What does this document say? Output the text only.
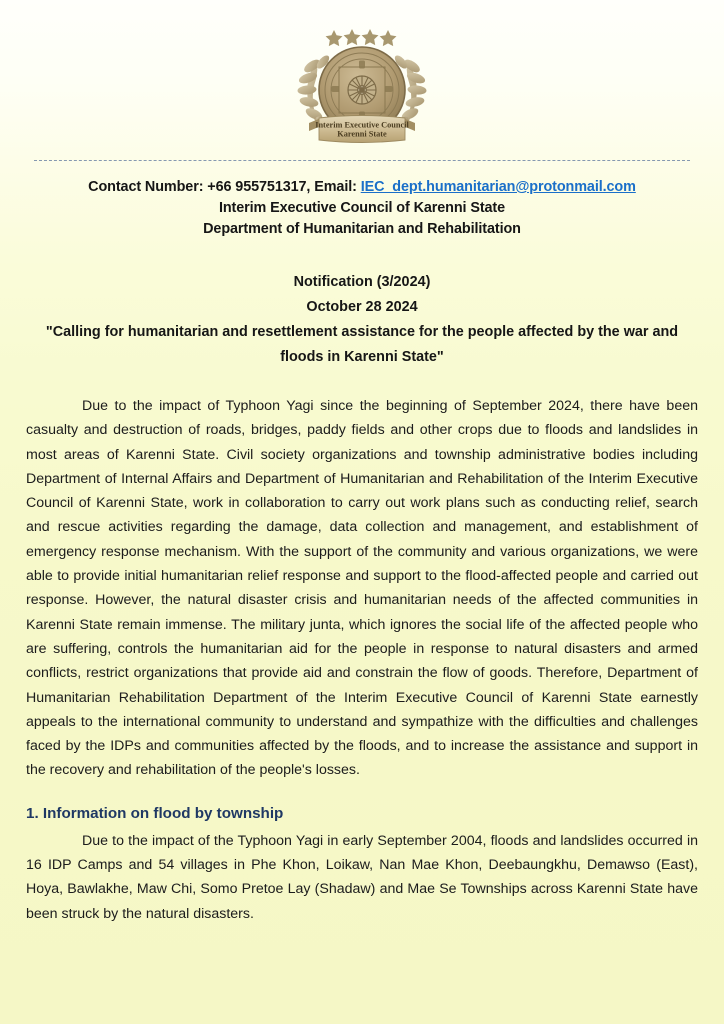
Interim Executive Council
Karenni State
Contact Number: +66 955751317, Email: IEC_dept.humanitarian@protonmail.com
Interim Executive Council of Karenni State
Department of Humanitarian and Rehabilitation
Notification (3/2024)
October 28 2024
"Calling for humanitarian and resettlement assistance for the people affected by the war and floods in Karenni State"

Due to the impact of Typhoon Yagi since the beginning of September 2024, there have been casualty and destruction of roads, bridges, paddy fields and other crops due to floods and landslides in most areas of Karenni State. Civil society organizations and township administrative bodies including Department of Internal Affairs and Department of Humanitarian and Rehabilitation of the Interim Executive Council of Karenni State, work in collaboration to carry out work plans such as conducting relief, search and rescue activities regarding the damage, data collection and management, and establishment of emergency response mechanism. With the support of the community and various organizations, we were able to provide initial humanitarian relief response and support to the flood-affected people and carried out response. However, the natural disaster crisis and humanitarian needs of the affected communities in Karenni State remain immense. The military junta, which ignores the social life of the affected people who are suffering, controls the humanitarian aid for the people in response to natural disasters and armed conflicts, restrict organizations that provide aid and constrain the flow of goods. Therefore, Department of Humanitarian Rehabilitation Department of the Interim Executive Council of Karenni State earnestly appeals to the international community to understand and sympathize with the difficulties and challenges faced by the IDPs and communities affected by the floods, and to increase the assistance and support in the recovery and rehabilitation of the people's losses.

1. Information on flood by township

Due to the impact of the Typhoon Yagi in early September 2004, floods and landslides occurred in 16 IDP Camps and 54 villages in Phe Khon, Loikaw, Nan Mae Khon, Deebaungkhu, Demawso (East), Hoya, Bawlakhe, Maw Chi, Somo Pretoe Lay (Shadaw) and Mae Se Townships across Karenni State have been struck by the natural disasters.
